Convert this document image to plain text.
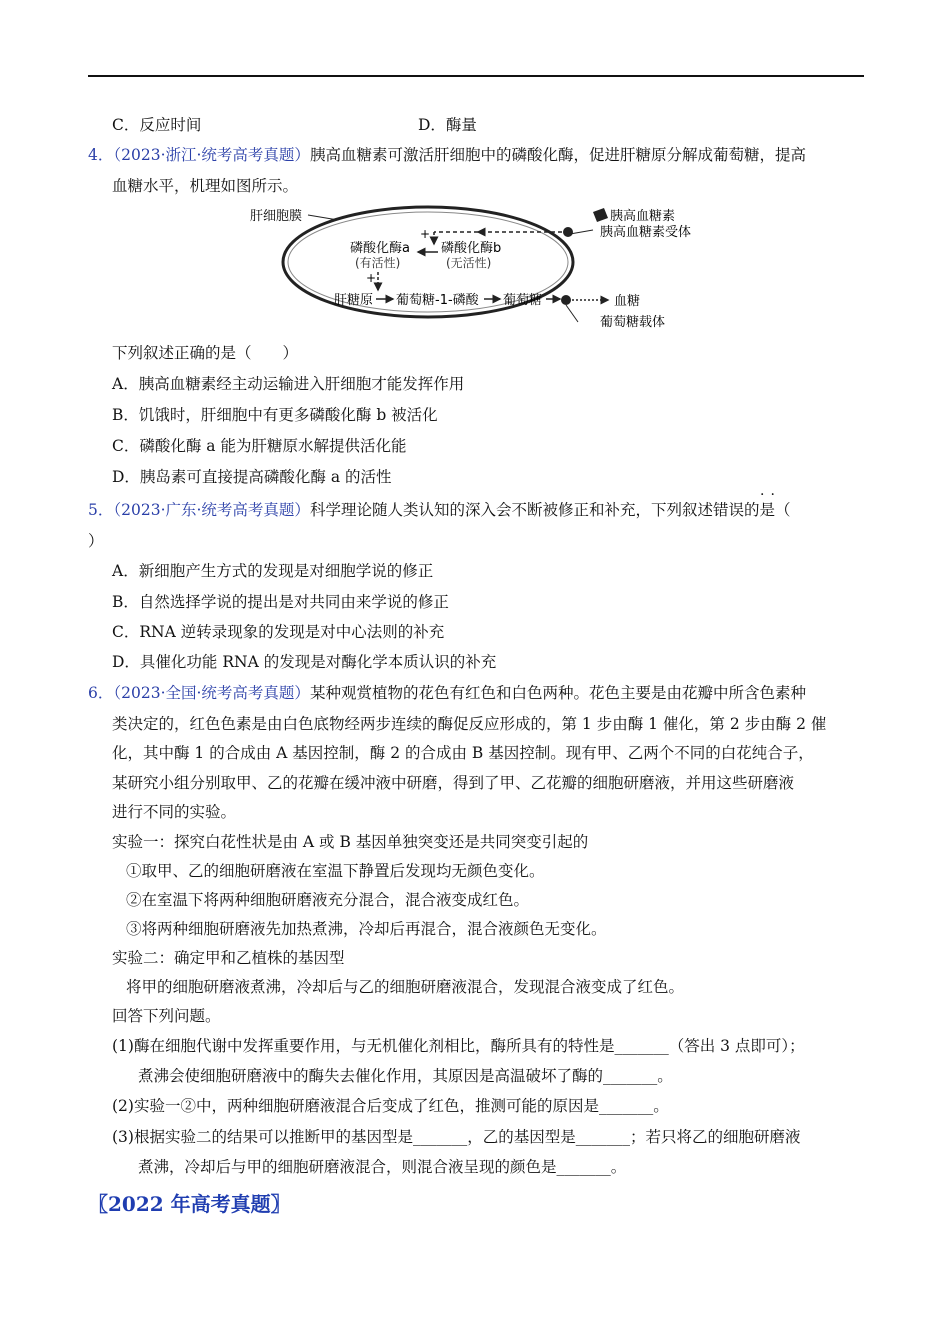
C．反应时间	D．酶量
4．（2023·浙江·统考高考真题）胰高血糖素可激活肝细胞中的磷酸化酶，促进肝糖原分解成葡萄糖，提高
血糖水平，机理如图所示。
肝细胞膜	胰高血糖素
胰高血糖素受体
+
磷酸化酶b
(无活性)
磷酸化酶a
(有活性)
+
肝糖原 葡萄糖-1-磷酸 葡萄糖	血糖
葡萄糖载体
下列叙述正确的是（　　）
A．胰高血糖素经主动运输进入肝细胞才能发挥作用
B．饥饿时，肝细胞中有更多磷酸化酶 b 被活化
C．磷酸化酶 a 能为肝糖原水解提供活化能
D．胰岛素可直接提高磷酸化酶 a 的活性
··
5．（2023·广东·统考高考真题）科学理论随人类认知的深入会不断被修正和补充，下列叙述错误的是（
）
A．新细胞产生方式的发现是对细胞学说的修正
B．自然选择学说的提出是对共同由来学说的修正
C．RNA 逆转录现象的发现是对中心法则的补充
D．具催化功能 RNA 的发现是对酶化学本质认识的补充
6．（2023·全国·统考高考真题）某种观赏植物的花色有红色和白色两种。花色主要是由花瓣中所含色素种
类决定的，红色色素是由白色底物经两步连续的酶促反应形成的，第 1 步由酶 1 催化，第 2 步由酶 2 催
化，其中酶 1 的合成由 A 基因控制，酶 2 的合成由 B 基因控制。现有甲、乙两个不同的白花纯合子，
某研究小组分别取甲、乙的花瓣在缓冲液中研磨，得到了甲、乙花瓣的细胞研磨液，并用这些研磨液
进行不同的实验。
实验一：探究白花性状是由 A 或 B 基因单独突变还是共同突变引起的
①取甲、乙的细胞研磨液在室温下静置后发现均无颜色变化。
②在室温下将两种细胞研磨液充分混合，混合液变成红色。
③将两种细胞研磨液先加热煮沸，冷却后再混合，混合液颜色无变化。
实验二：确定甲和乙植株的基因型
将甲的细胞研磨液煮沸，冷却后与乙的细胞研磨液混合，发现混合液变成了红色。
回答下列问题。
(1)酶在细胞代谢中发挥重要作用，与无机催化剂相比，酶所具有的特性是_______（答出 3 点即可）；
煮沸会使细胞研磨液中的酶失去催化作用，其原因是高温破坏了酶的_______。
(2)实验一②中，两种细胞研磨液混合后变成了红色，推测可能的原因是_______。
(3)根据实验二的结果可以推断甲的基因型是_______，乙的基因型是_______；若只将乙的细胞研磨液
煮沸，冷却后与甲的细胞研磨液混合，则混合液呈现的颜色是_______。
〖2022 年高考真题〗
